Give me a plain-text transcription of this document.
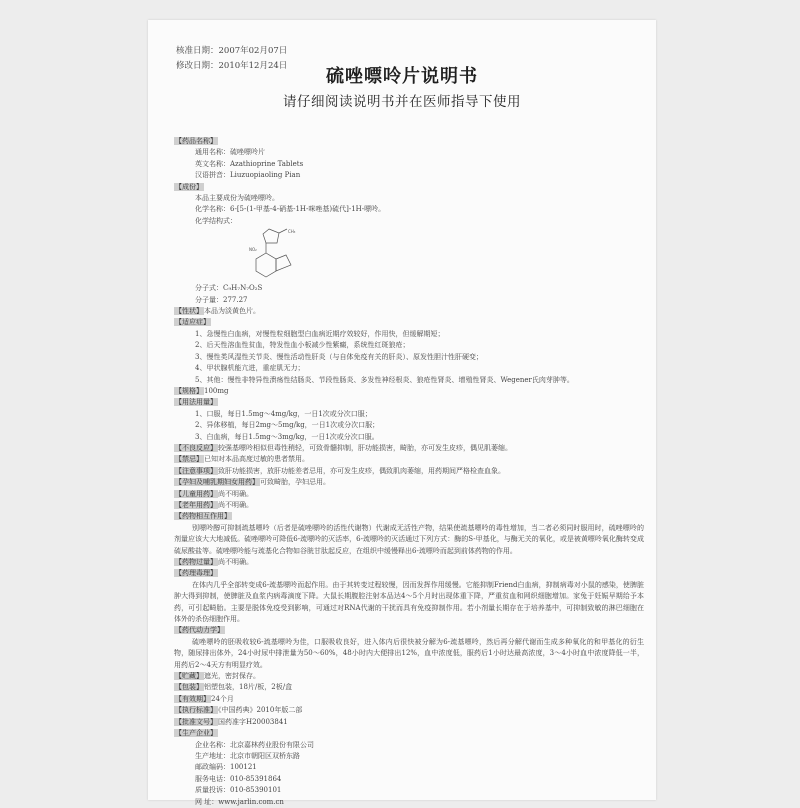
核准日期：2007年02月07日
修改日期：2010年12月24日	硫唑嘌呤片说明书
请仔细阅读说明书并在医师指导下使用
【药品名称】
通用名称：硫唑嘌呤片
英文名称：Azathioprine Tablets
汉语拼音：Liuzuopiaoling Pian
【成份】
本品主要成份为硫唑嘌呤。
化学名称：6-[5-(1-甲基-4-硝基-1H-咪唑基)硫代]-1H-嘌呤。
化学结构式：
CH₃
NO₂
分子式：C₉H₇N₇O₂S
分子量：277.27
【性状】本品为淡黄色片。
【适应症】
1、急慢性白血病，对慢性粒细胞型白血病近期疗效较好，作用快，但缓解期短；
2、后天性溶血性贫血，特发性血小板减少性紫癜，系统性红斑狼疮；
3、慢性类风湿性关节炎、慢性活动性肝炎（与自体免疫有关的肝炎）、原发性胆汁性肝硬变；
4、甲状腺机能亢进，重症肌无力；
5、其他：慢性非特异性溃疡性结肠炎、节段性肠炎、多发性神经根炎、狼疮性肾炎、增殖性肾炎、Wegener氏肉芽肿等。
【规格】100mg
【用法用量】
1、口服，每日1.5mg～4mg/kg，一日1次或分次口服；
2、异体移植，每日2mg～5mg/kg，一日1次或分次口服；
3、白血病，每日1.5mg～3mg/kg，一日1次或分次口服。
【不良反应】较强基嘌呤相似但毒性稍轻，可致骨髓抑制，肝功能损害，畸胎，亦可发生皮疹，偶见肌萎缩。
【禁忌】已知对本品高度过敏的患者禁用。
【注意事项】致肝功能损害，放肝功能差者忌用，亦可发生皮疹，偶致肌肉萎缩，用药期间严格检查血象。
【孕妇及哺乳期妇女用药】可致畸胎，孕妇忌用。
【儿童用药】尚不明确。
【老年用药】尚不明确。
【药物相互作用】
别嘌呤醇可抑制巯基嘌呤（后者是硫唑嘌呤的活性代谢物）代谢成无活性产物，结果使巯基嘌呤的毒性增加，当二者必须同时服用时，硫唑嘌呤的剂量应该大大地减低。硫唑嘌呤可降低6-巯嘌呤的灭活率，6-巯嘌呤的灭活通过下列方式：酶的S-甲基化，与酶无关的氧化，或是被黄嘌呤氧化酶转变成硫尿酸盐等。硫唑嘌呤能与巯基化合物如谷胱甘肽起反应，在组织中缓慢释出6-巯嘌呤而起到前体药物的作用。
【药物过量】尚不明确。
【药理毒理】
在体内几乎全部转变成6-巯基嘌呤而起作用。由于其转变过程较慢，因而发挥作用缓慢。它能抑制Friend白血病，抑制病毒对小鼠的感染，使脾脏肿大得到抑制，使脾脏及血浆内病毒滴度下降。大鼠长期腹腔注射本品达4～5个月时出现体重下降，严重贫血和网织细胞增加。家兔于妊娠早期给予本药，可引起畸胎。主要是脱体免疫受到影响，可通过对RNA代谢的干扰而具有免疫抑制作用。若小剂量长期存在于培养基中，可抑制致敏的淋巴细胞在体外的杀伤细胞作用。
【药代动力学】
硫唑嘌呤的胚吸收较6-巯基嘌呤为佳，口服吸收良好，进入体内后很快被分解为6-巯基嘌呤，然后再分解代谢而生成多种氧化的和甲基化的衍生物，随尿排出体外，24小时尿中排泄量为50～60%，48小时内大便排出12%，血中浓度低，服药后1小时达最高浓度，3～4小时血中浓度降低一半，用药后2～4天方有明显疗效。
【贮藏】遮光，密封保存。
【包装】铝塑包装，18片/板，2板/盒
【有效期】24个月
【执行标准】《中国药典》2010年版二部
【批准文号】国药准字H20003841
【生产企业】
企业名称：北京嘉林药业股份有限公司
生产地址：北京市朝阳区双桥东路
邮政编码：100121
服务电话：010-85391864
质量投诉：010-85390101
网 址：www.jarlin.com.cn
